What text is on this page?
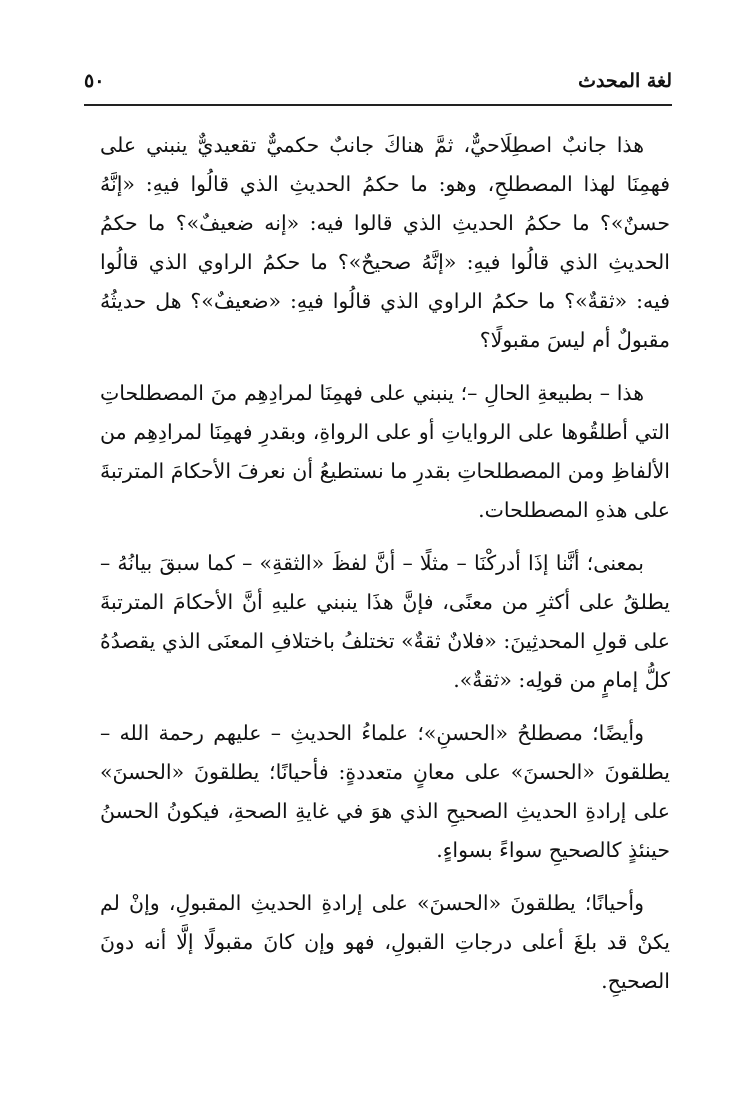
لغة المحدث
٥٠

هذا جانبٌ اصطِلَاحيٌّ، ثمَّ هناكَ جانبٌ حكميٌّ تقعيديٌّ ينبني على فهمِنَا لهذا المصطلحِ، وهو: ما حكمُ الحديثِ الذي قالُوا فيهِ: «إنَّهُ حسنٌ»؟ ما حكمُ الحديثِ الذي قالوا فيه: «إنه ضعيفٌ»؟ ما حكمُ الحديثِ الذي قالُوا فيهِ: «إنَّهُ صحيحٌ»؟ ما حكمُ الراوي الذي قالُوا فيه: «ثقةٌ»؟ ما حكمُ الراوي الذي قالُوا فيهِ: «ضعيفٌ»؟ هل حديثُهُ مقبولٌ أم ليسَ مقبولًا؟

هذا – بطبيعةِ الحالِ –؛ ينبني على فهمِنَا لمرادِهِم منَ المصطلحاتِ التي أطلقُوها على الرواياتِ أو على الرواةِ، وبقدرِ فهمِنَا لمرادِهِم من الألفاظِ ومن المصطلحاتِ بقدرِ ما نستطيعُ أن نعرفَ الأحكامَ المترتبةَ على هذهِ المصطلحات.

بمعنى؛ أنَّنا إذَا أدركْنَا – مثلًا – أنَّ لفظَ «الثقةِ» – كما سبقَ بيانُهُ – يطلقُ على أكثرِ من معنًى، فإنَّ هذَا ينبني عليهِ أنَّ الأحكامَ المترتبةَ على قولِ المحدثِينَ: «فلانٌ ثقةٌ» تختلفُ باختلافِ المعنَى الذي يقصدُهُ كلُّ إمامٍ من قولِه: «ثقةٌ».

وأيضًا؛ مصطلحُ «الحسنِ»؛ علماءُ الحديثِ – عليهم رحمة الله – يطلقونَ «الحسنَ» على معانٍ متعددةٍ: فأحيانًا؛ يطلقونَ «الحسنَ» على إرادةِ الحديثِ الصحيحِ الذي هوَ في غايةِ الصحةِ، فيكونُ الحسنُ حينئذٍ كالصحيحِ سواءً بسواءٍ.

وأحيانًا؛ يطلقونَ «الحسنَ» على إرادةِ الحديثِ المقبولِ، وإنْ لم يكنْ قد بلغَ أعلى درجاتِ القبولِ، فهو وإن كانَ مقبولًا إلَّا أنه دونَ الصحيحِ.
